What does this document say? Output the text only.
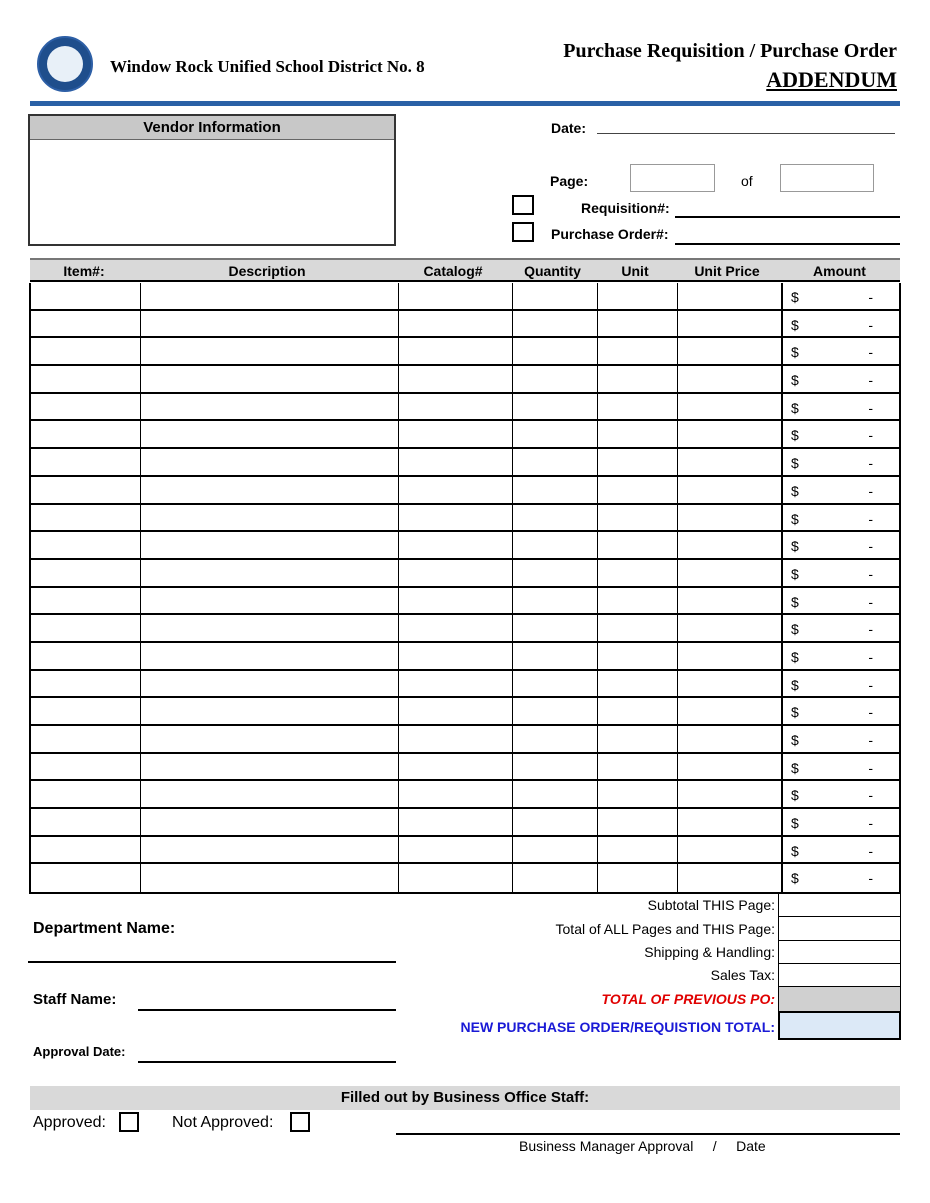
Window Rock Unified School District No. 8
Purchase Requisition / Purchase Order
ADDENDUM
Vendor Information	Date:
Page:	of
Requisition#:
Purchase Order#:
Item#:	Description	Catalog#	Quantity	Unit	Unit Price	Amount
$	-
$	-
$	-
$	-
$	-
$	-
$	-
$	-
$	-
$	-
$	-
$	-
$	-
$	-
$	-
$	-
$	-
$	-
$	-
$	-
$	-
$	-
Subtotal THIS Page:
Total of ALL Pages and THIS Page:
Shipping & Handling:
Sales Tax:
TOTAL OF PREVIOUS PO:
NEW PURCHASE ORDER/REQUISTION TOTAL:
Department Name:
Staff Name:
Approval Date:
Filled out by Business Office Staff:
Approved:	Not Approved:
Business Manager Approval     /     Date
